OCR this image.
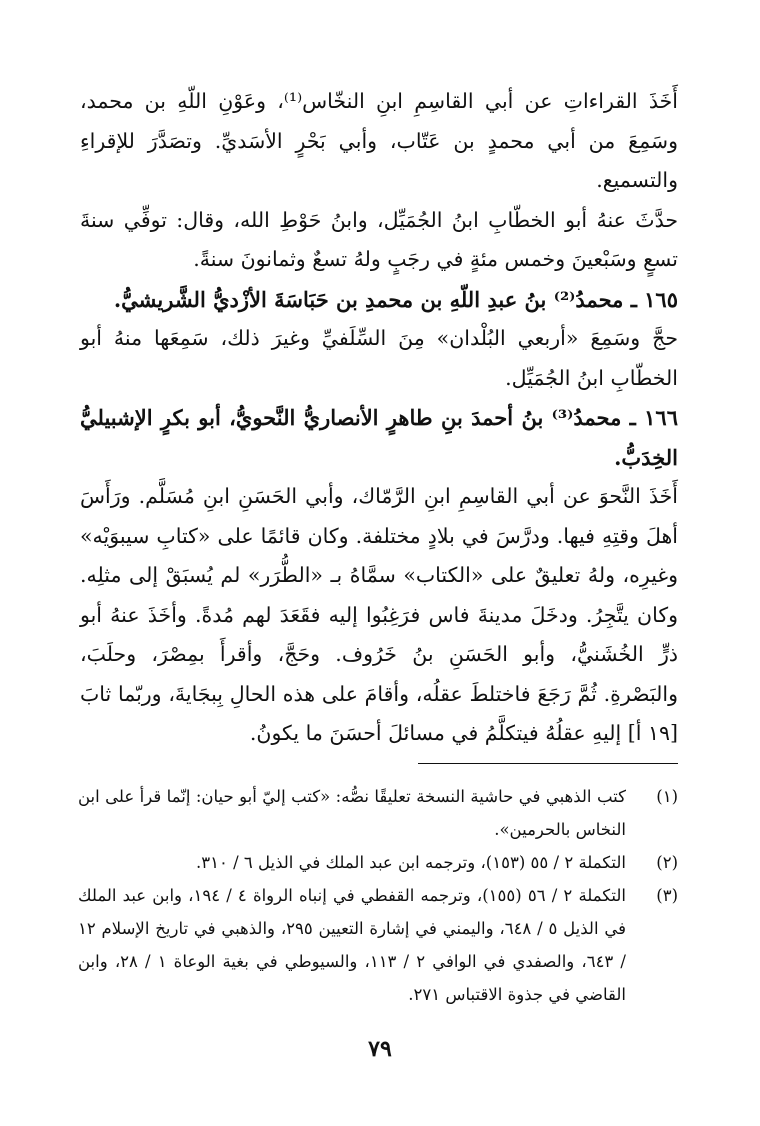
أَخَذَ القراءاتِ عن أبي القاسِمِ ابنِ النخّاس⁽¹⁾، وعَوْنِ اللّهِ بن محمد، وسَمِعَ من أبي محمدٍ بن عَتّاب، وأبي بَحْرٍ الأسَديِّ. وتصَدَّرَ للإقراءِ والتسميع.

حدَّثَ عنهُ أبو الخطّابِ ابنُ الجُمَيِّل، وابنُ حَوْطِ الله، وقال: توفِّي سنةَ تسعٍ وسَبْعينَ وخمس مئةٍ في رجَبٍ ولهُ تسعٌ وثمانونَ سنةً.

١٦٥ ـ محمدُ⁽²⁾ بنُ عبدِ اللّهِ بن محمدِ بن حَبَاسَةَ الأزْديُّ الشَّريشيُّ.

حجَّ وسَمِعَ «أربعي البُلْدان» مِنَ السِّلَفيِّ وغيرَ ذلك، سَمِعَها منهُ أبو الخطّابِ ابنُ الجُمَيِّل.

١٦٦ ـ محمدُ⁽³⁾ بنُ أحمدَ بنِ طاهرٍ الأنصاريُّ النَّحويُّ، أبو بكرٍ الإشبيليُّ الخِدَبُّ.

أَخَذَ النَّحوَ عن أبي القاسِمِ ابنِ الرَّمّاك، وأبي الحَسَنِ ابنِ مُسَلَّم. ورَأَسَ أهلَ وقتِهِ فيها. ودرَّسَ في بلادٍ مختلفة. وكان قائمًا على «كتابِ سيبوَيْه» وغيرِه، ولهُ تعليقٌ على «الكتاب» سمَّاهُ بـ «الطُّرَر» لم يُسبَقْ إلى مثلِه. وكان يتَّجِرُ. ودخَلَ مدينةَ فاس فرَغِبُوا إليه فقَعَدَ لهم مُدةً. وأخَذَ عنهُ أبو ذرٍّ الخُشَنيُّ، وأبو الحَسَنِ بنُ خَرُوف. وحَجَّ، وأقرأَ بمِصْرَ، وحلَبَ، والبَصْرةِ. ثُمَّ رَجَعَ فاختلطَ عقلُه، وأقامَ على هذه الحالِ بِبجَايةَ، وربّما ثابَ [١٩ أ] إليهِ عقلُهُ فيتكلَّمُ في مسائلَ أحسَنَ ما يكونُ.

(١)
كتب الذهبي في حاشية النسخة تعليقًا نصُّه: «كتب إليّ أبو حيان: إنّما قرأ على ابن النخاس بالحرمين».
(٢)
التكملة ٢ / ٥٥ (١٥٣)، وترجمه ابن عبد الملك في الذيل ٦ / ٣١٠.
(٣)
التكملة ٢ / ٥٦ (١٥٥)، وترجمه القفطي في إنباه الرواة ٤ / ١٩٤، وابن عبد الملك في الذيل ٥ / ٦٤٨، واليمني في إشارة التعيين ٢٩٥، والذهبي في تاريخ الإسلام ١٢ / ٦٤٣، والصفدي في الوافي ٢ / ١١٣، والسيوطي في بغية الوعاة ١ / ٢٨، وابن القاضي في جذوة الاقتباس ٢٧١.
٧٩
